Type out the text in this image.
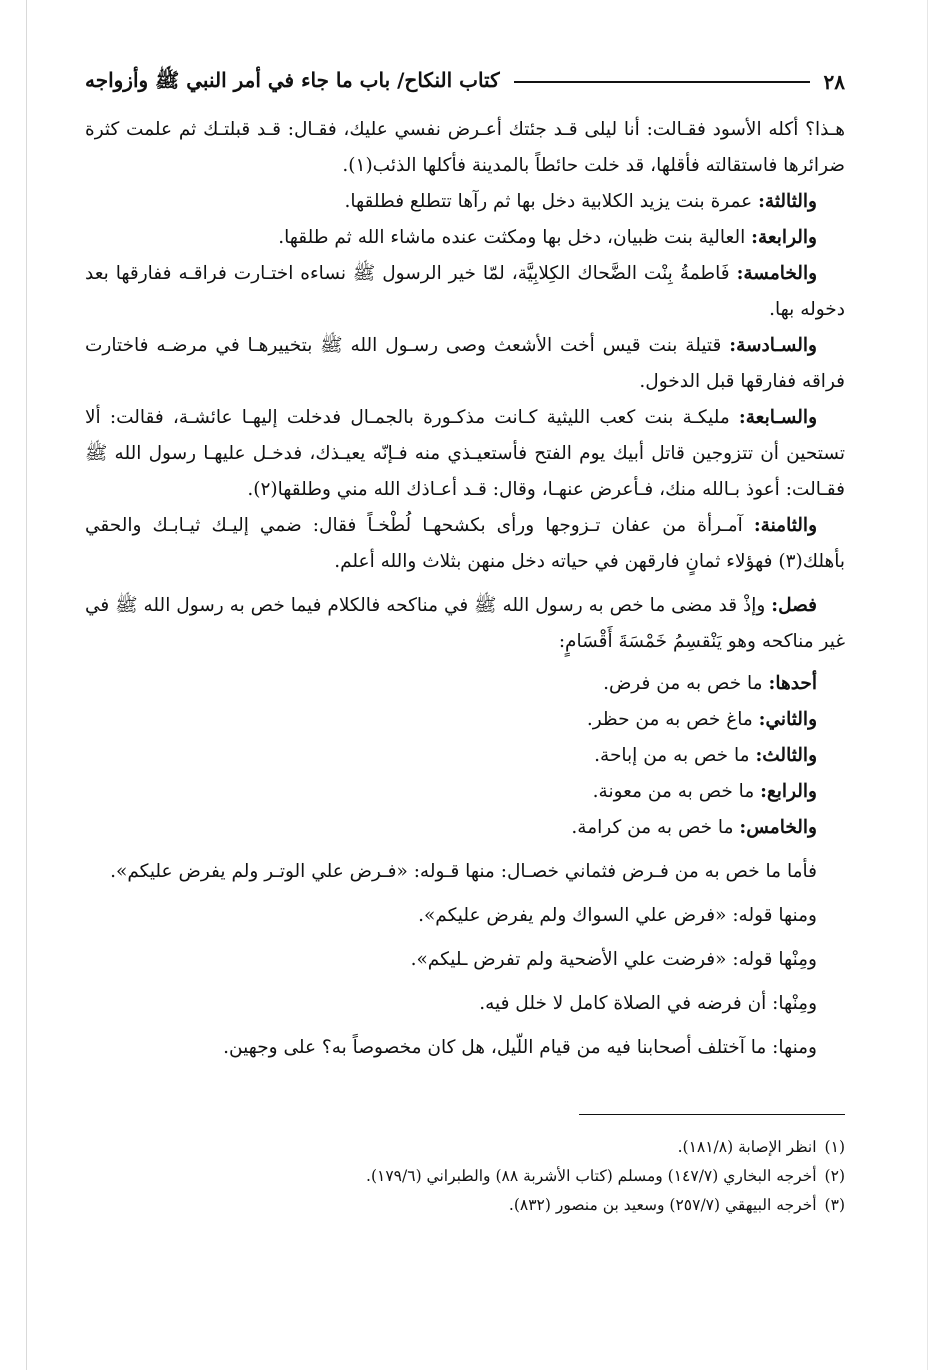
٢٨
كتاب النكاح/ باب ما جاء في أمر النبي ﷺ وأزواجه

هـذا؟ أكله الأسود فقـالت: أنا ليلى قـد جئتك أعـرض نفسي عليك، فقـال: قـد قبلتـك ثم علمت كثرة ضرائرها فاستقالته فأقلها، قد خلت حائطاً بالمدينة فأكلها الذئب(١).

والثالثة: عمرة بنت يزيد الكلابية دخل بها ثم رآها تتطلع فطلقها.

والرابعة: العالية بنت ظبيان، دخل بها ومكثت عنده ماشاء الله ثم طلقها.

والخامسة: فَاطمةُ بِنْت الضَّحاك الكِلابِيَّة، لمّا خير الرسول ﷺ نساءه اختـارت فراقـه ففارقها بعد دخوله بها.

والسـادسة: قتيلة بنت قيس أخت الأشعث وصى رسـول الله ﷺ بتخييرهـا في مرضـه فاختارت فراقه ففارقها قبل الدخول.

والسـابعة: مليكـة بنت كعب الليثية كـانت مذكـورة بالجمـال فدخلت إليهـا عائشـة، فقالت: ألا تستحين أن تتزوجين قاتل أبيك يوم الفتح فأستعيـذي منه فـإنّه يعيـذك، فدخـل عليهـا رسول الله ﷺ فقـالت: أعوذ بـالله منك، فـأعرض عنهـا، وقال: قـد أعـاذك الله مني وطلقها(٢).

والثامنة: آمـرأة من عفان تـزوجها ورأى بكشحهـا لُطْخـاً فقال: ضمي إليـك ثيـابـك والحقي بأهلك(٣) فهؤلاء ثمانٍ فارقهن في حياته دخل منهن بثلاث والله أعلم.

فصل: وإذْ قد مضى ما خص به رسول الله ﷺ في مناكحه فالكلام فيما خص به رسول الله ﷺ في غير مناكحه وهو يَنْقسِمُ خَمْسَةَ أَقْسَامٍ:

أحدها: ما خص به من فرض.
والثاني: ماغ خص به من حظر.
والثالث: ما خص به من إباحة.
والرابع: ما خص به من معونة.
والخامس: ما خص به من كرامة.

فأما ما خص به من فـرض فثماني خصـال: منها قـوله: «فـرض علي الوتـر ولم يفرض عليكم».

ومنها قوله: «فرض علي السواك ولم يفرض عليكم».

ومِنْها قوله: «فرضت علي الأضحية ولم تفرض ـليكم».

ومِنْها: أن فرضه في الصلاة كامل لا خلل فيه.

ومنها: ما آختلف أصحابنا فيه من قيام اللّيل، هل كان مخصوصاً به؟ على وجهين.

(١)انظر الإصابة (١٨١/٨).
(٢)أخرجه البخاري (١٤٧/٧) ومسلم (كتاب الأشربة ٨٨) والطبراني (١٧٩/٦).
(٣)أخرجه البيهقي (٢٥٧/٧) وسعيد بن منصور (٨٣٢).
